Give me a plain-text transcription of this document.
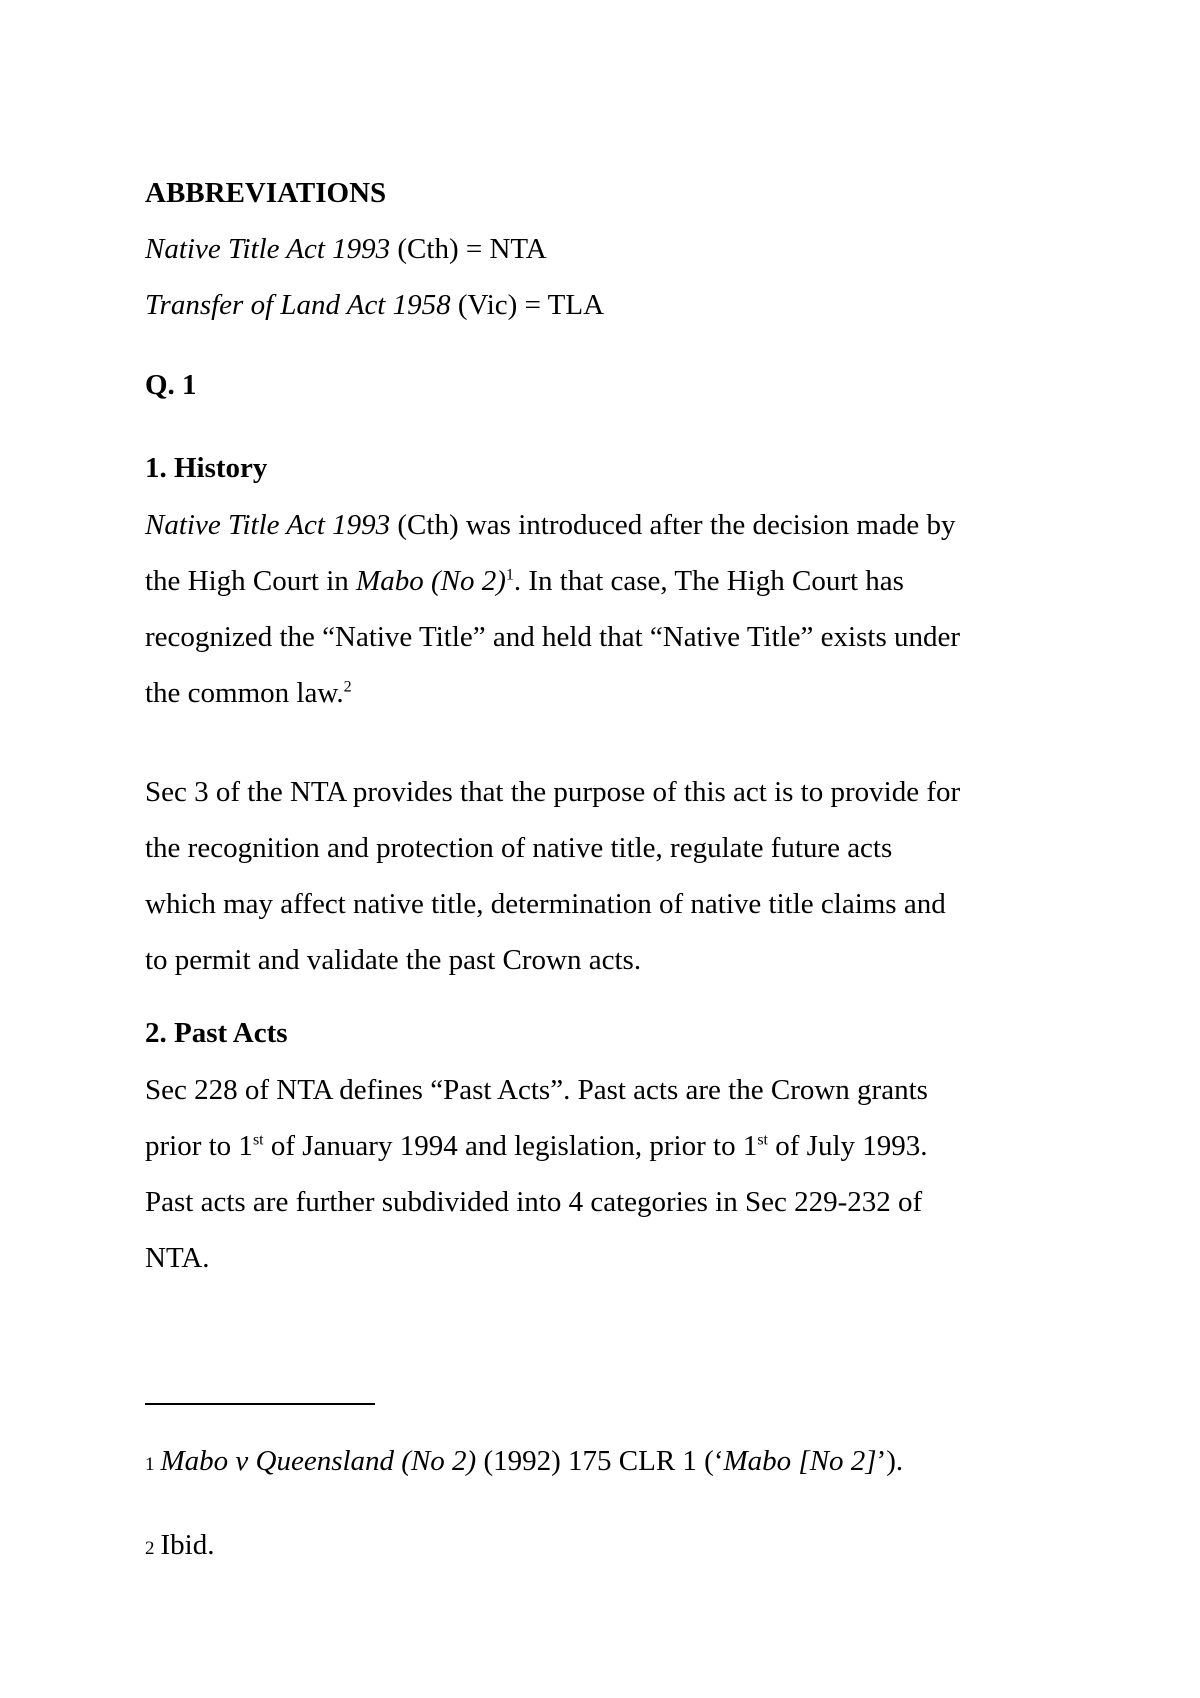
ABBREVIATIONS
Native Title Act 1993 (Cth) = NTA
Transfer of Land Act 1958 (Vic) = TLA
Q. 1
1. History
Native Title Act 1993 (Cth) was introduced after the decision made by
the High Court in Mabo (No 2)$^1$. In that case, The High Court has
recognized the “Native Title” and held that “Native Title” exists under
the common law.$^2$
Sec 3 of the NTA provides that the purpose of this act is to provide for
the recognition and protection of native title, regulate future acts
which may affect native title, determination of native title claims and
to permit and validate the past Crown acts.
2. Past Acts
Sec 228 of NTA defines “Past Acts”. Past acts are the Crown grants
prior to 1st of January 1994 and legislation, prior to 1st of July 1993.
Past acts are further subdivided into 4 categories in Sec 229-232 of
NTA.
1 Mabo v Queensland (No 2) (1992) 175 CLR 1 (‘Mabo [No 2]’).
2 Ibid.
